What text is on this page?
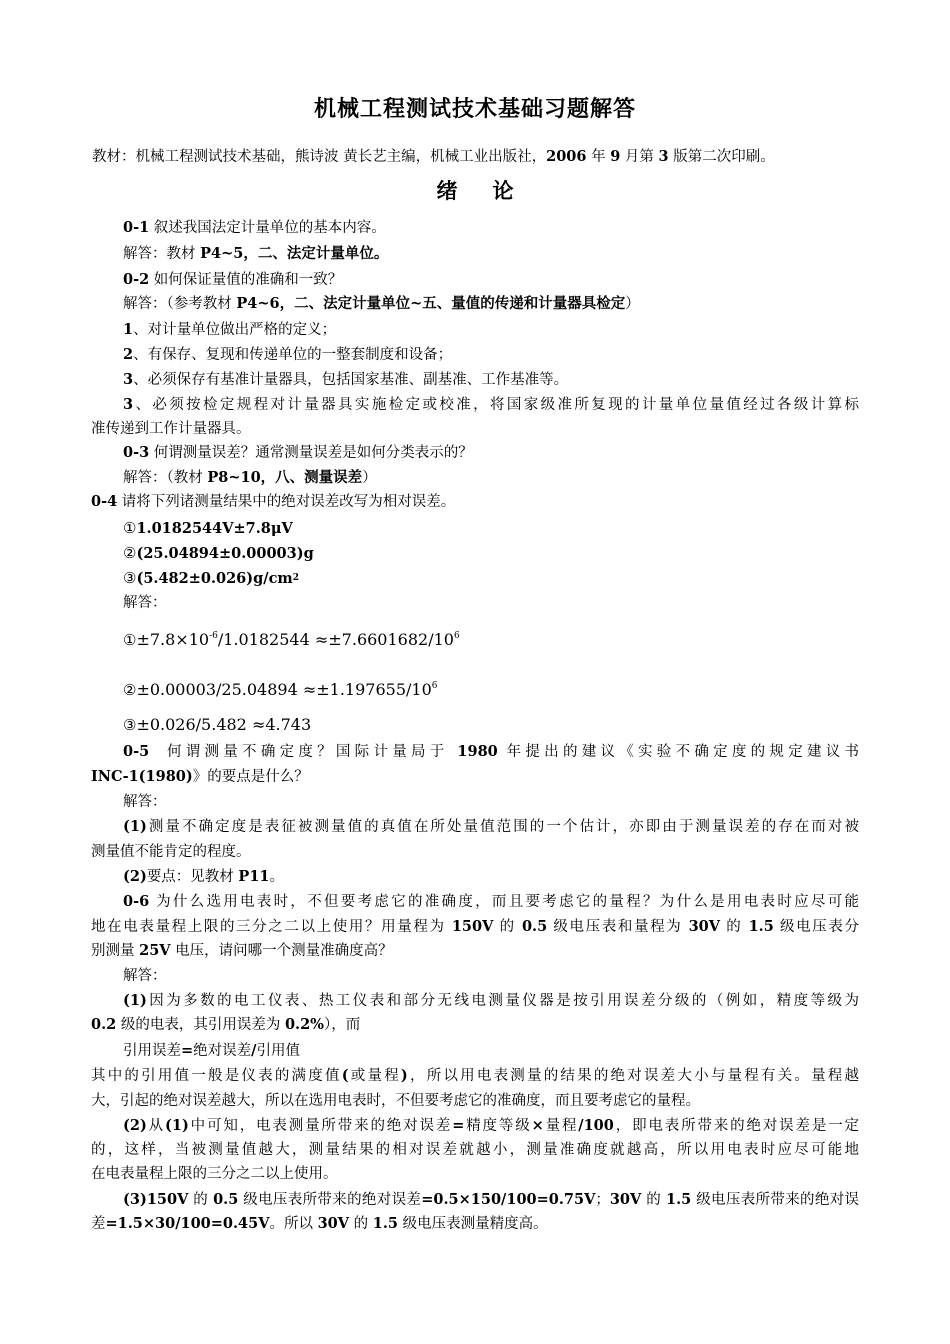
机械工程测试技术基础习题解答
教材：机械工程测试技术基础，熊诗波 黄长艺主编，机械工业出版社，2006 年 9 月第 3 版第二次印刷。
绪 论
0-1 叙述我国法定计量单位的基本内容。
解答：教材 P4~5，二、法定计量单位。
0-2 如何保证量值的准确和一致？
解答：（参考教材 P4~6，二、法定计量单位~五、量值的传递和计量器具检定）
1、对计量单位做出严格的定义；
2、有保存、复现和传递单位的一整套制度和设备；
3、必须保存有基准计量器具，包括国家基准、副基准、工作基准等。
3、必须按检定规程对计量器具实施检定或校准，将国家级准所复现的计量单位量值经过各级计算标
准传递到工作计量器具。
0-3 何谓测量误差？通常测量误差是如何分类表示的？
解答：（教材 P8~10，八、测量误差）
0-4 请将下列诸测量结果中的绝对误差改写为相对误差。
①1.0182544V±7.8μV
②(25.04894±0.00003)g
$③(5.482\pm 0.026)g/cm^2$
解答：
$①\pm 7.8\times 10^{-6}/1.0182544 \approx\pm 7.6601682/10^6$
②±0.00003/25.04894 $\approx\pm 1.197655/10^6$
③±0.026/5.482 ≈4.743
0-5 何谓测量不确定度？国际计量局于 1980 年提出的建议《实验不确定度的规定建议书
INC-1(1980)》的要点是什么？
解答：
(1)测量不确定度是表征被测量值的真值在所处量值范围的一个估计，亦即由于测量误差的存在而对被
测量值不能肯定的程度。
(2)要点：见教材 P11。
0-6 为什么选用电表时，不但要考虑它的准确度，而且要考虑它的量程？为什么是用电表时应尽可能
地在电表量程上限的三分之二以上使用？用量程为 150V 的 0.5 级电压表和量程为 30V 的 1.5 级电压表分
别测量 25V 电压，请问哪一个测量准确度高？
解答：
(1)因为多数的电工仪表、热工仪表和部分无线电测量仪器是按引用误差分级的（例如，精度等级为
0.2 级的电表，其引用误差为 0.2%），而
引用误差=绝对误差/引用值
其中的引用值一般是仪表的满度值(或量程)，所以用电表测量的结果的绝对误差大小与量程有关。量程越
大，引起的绝对误差越大，所以在选用电表时，不但要考虑它的准确度，而且要考虑它的量程。
(2)从(1)中可知，电表测量所带来的绝对误差=精度等级×量程/100，即电表所带来的绝对误差是一定
的，这样，当被测量值越大，测量结果的相对误差就越小，测量准确度就越高，所以用电表时应尽可能地
在电表量程上限的三分之二以上使用。
(3)150V 的 0.5 级电压表所带来的绝对误差=0.5×150/100=0.75V；30V 的 1.5 级电压表所带来的绝对误
差=1.5×30/100=0.45V。所以 30V 的 1.5 级电压表测量精度高。
